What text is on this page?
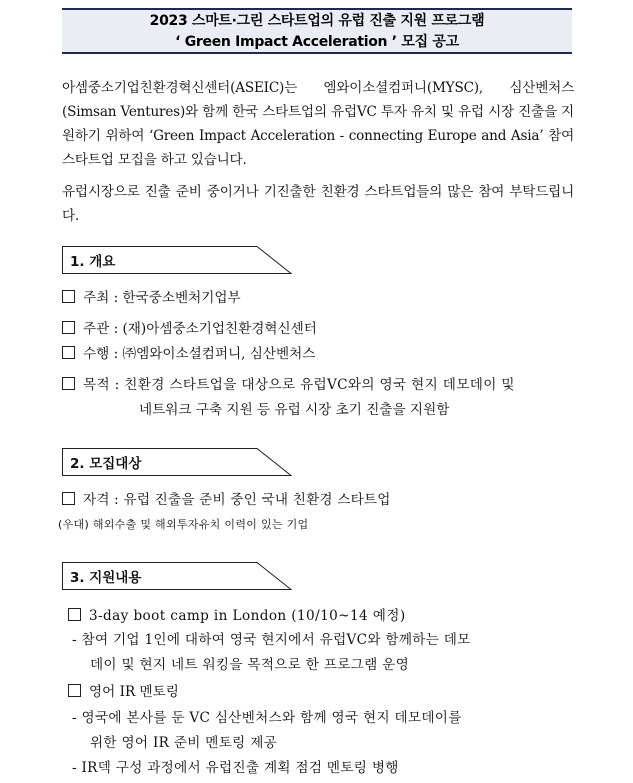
2023 스마트·그린 스타트업의 유럽 진출 지원 프로그램
‘ Green Impact Acceleration ’ 모집 공고
아셈중소기업친환경혁신센터(ASEIC)는 엠와이소셜컴퍼니(MYSC), 심산벤처스(Simsan Ventures)와 함께 한국 스타트업의 유럽VC 투자 유치 및 유럽 시장 진출을 지원하기 위하여 ‘Green Impact Acceleration - connecting Europe and Asia’ 참여 스타트업 모집을 하고 있습니다.
유럽시장으로 진출 준비 중이거나 기진출한 친환경 스타트업들의 많은 참여 부탁드립니다.
1. 개요
주최 : 한국중소벤처기업부
주관 : (재)아셈중소기업친환경혁신센터
수행 : ㈜엠와이소셜컴퍼니, 심산벤처스
목적 : 친환경 스타트업을 대상으로 유럽VC와의 영국 현지 데모데이 및
네트워크 구축 지원 등 유럽 시장 초기 진출을 지원함
2. 모집대상
자격 : 유럽 진출을 준비 중인 국내 친환경 스타트업
(우대) 해외수출 및 해외투자유치 이력이 있는 기업
3. 지원내용
3-day boot camp in London (10/10~14 예정)
- 참여 기업 1인에 대하여 영국 현지에서 유럽VC와 함께하는 데모
데이 및 현지 네트 워킹을 목적으로 한 프로그램 운영
영어 IR 멘토링
- 영국에 본사를 둔 VC 심산벤처스와 함께 영국 현지 데모데이를
위한 영어 IR 준비 멘토링 제공
- IR덱 구성 과정에서 유럽진출 계획 점검 멘토링 병행
